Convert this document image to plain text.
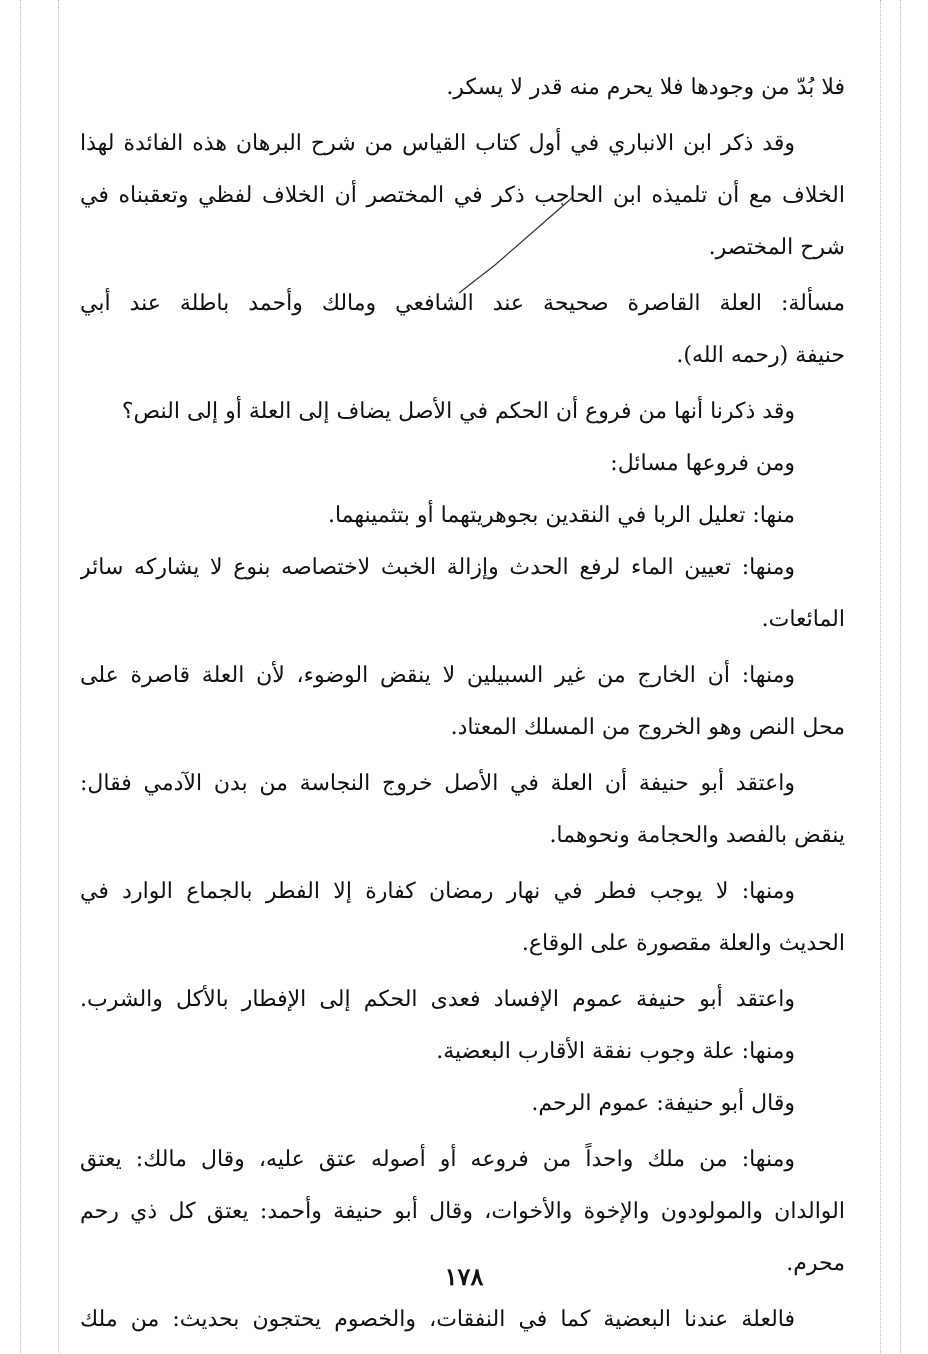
فلا بُدّ من وجودها فلا يحرم منه قدر لا يسكر.
وقد ذكر ابن الانباري في أول كتاب القياس من شرح البرهان هذه الفائدة لهذا
الخلاف مع أن تلميذه ابن الحاجب ذكر في المختصر أن الخلاف لفظي وتعقبناه في
شرح المختصر.
مسألة: العلة القاصرة صحيحة عند الشافعي ومالك وأحمد باطلة عند أبي
حنيفة (رحمه الله).
وقد ذكرنا أنها من فروع أن الحكم في الأصل يضاف إلى العلة أو إلى النص؟
ومن فروعها مسائل:
منها: تعليل الربا في النقدين بجوهريتهما أو بتثمينهما.
ومنها: تعيين الماء لرفع الحدث وإزالة الخبث لاختصاصه بنوع لا يشاركه سائر
المائعات.
ومنها: أن الخارج من غير السبيلين لا ينقض الوضوء، لأن العلة قاصرة على
محل النص وهو الخروج من المسلك المعتاد.
واعتقد أبو حنيفة أن العلة في الأصل خروج النجاسة من بدن الآدمي فقال:
ينقض بالفصد والحجامة ونحوهما.
ومنها: لا يوجب فطر في نهار رمضان كفارة إلا الفطر بالجماع الوارد في
الحديث والعلة مقصورة على الوقاع.
واعتقد أبو حنيفة عموم الإفساد فعدى الحكم إلى الإفطار بالأكل والشرب.
ومنها: علة وجوب نفقة الأقارب البعضية.
وقال أبو حنيفة: عموم الرحم.
ومنها: من ملك واحداً من فروعه أو أصوله عتق عليه، وقال مالك: يعتق
الوالدان والمولودون والإخوة والأخوات، وقال أبو حنيفة وأحمد: يعتق كل ذي رحم
محرم.
فالعلة عندنا البعضية كما في النفقات، والخصوم يحتجون بحديث: من ملك
١٧٨
